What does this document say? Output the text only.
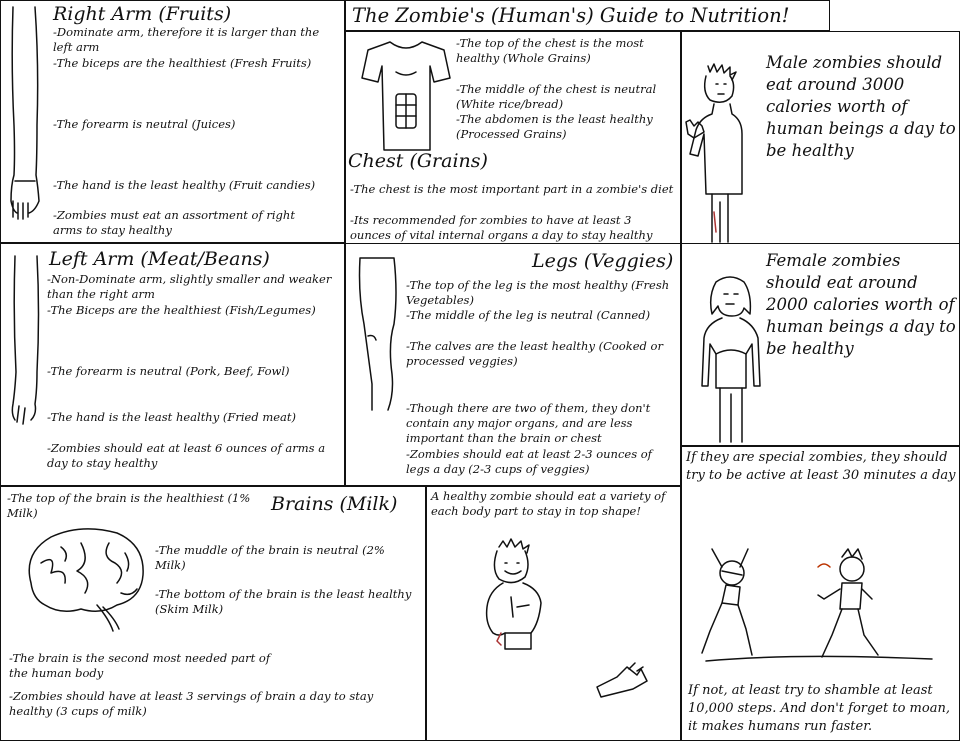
The Zombie's (Human's) Guide to Nutrition!
Right Arm (Fruits)
-Dominate arm, therefore it is larger than the left arm
-The biceps are the healthiest (Fresh Fruits)
-The forearm is neutral (Juices)
-The hand is the least healthy (Fruit candies)
-Zombies must eat an assortment of right arms to stay healthy
-The top of the chest is the most healthy (Whole Grains)
-The middle of the chest is neutral (White rice/bread)
-The abdomen is the least healthy (Processed Grains)
Chest (Grains)
-The chest is the most important part in a zombie's diet
-Its recommended for zombies to have at least 3 ounces of vital internal organs a day to stay healthy
Male zombies should eat around 3000 calories worth of human beings a day to be healthy
Left Arm (Meat/Beans)
-Non-Dominate arm, slightly smaller and weaker than the right arm
-The Biceps are the healthiest (Fish/Legumes)
-The forearm is neutral (Pork, Beef, Fowl)
-The hand is the least healthy (Fried meat)
-Zombies should eat at least 6 ounces of arms a day to stay healthy
Legs (Veggies)
-The top of the leg is the most healthy (Fresh Vegetables)
-The middle of the leg is neutral (Canned)
-The calves are the least healthy (Cooked or processed veggies)
-Though there are two of them, they don't contain any major organs, and are less important than the brain or chest
-Zombies should eat at least 2-3 ounces of legs a day (2-3 cups of veggies)
Female zombies should eat around 2000 calories worth of human beings a day to be healthy
-The top of the brain is the healthiest (1% Milk)	Brains (Milk)
-The muddle of the brain is neutral (2% Milk)
-The bottom of the brain is the least healthy (Skim Milk)
-The brain is the second most needed part of the human body
-Zombies should have at least 3 servings of brain a day to stay healthy (3 cups of milk)
A healthy zombie should eat a variety of each body part to stay in top shape!
If they are special zombies, they should try to be active at least 30 minutes a day
If not, at least try to shamble at least 10,000 steps. And don't forget to moan, it makes humans run faster.
